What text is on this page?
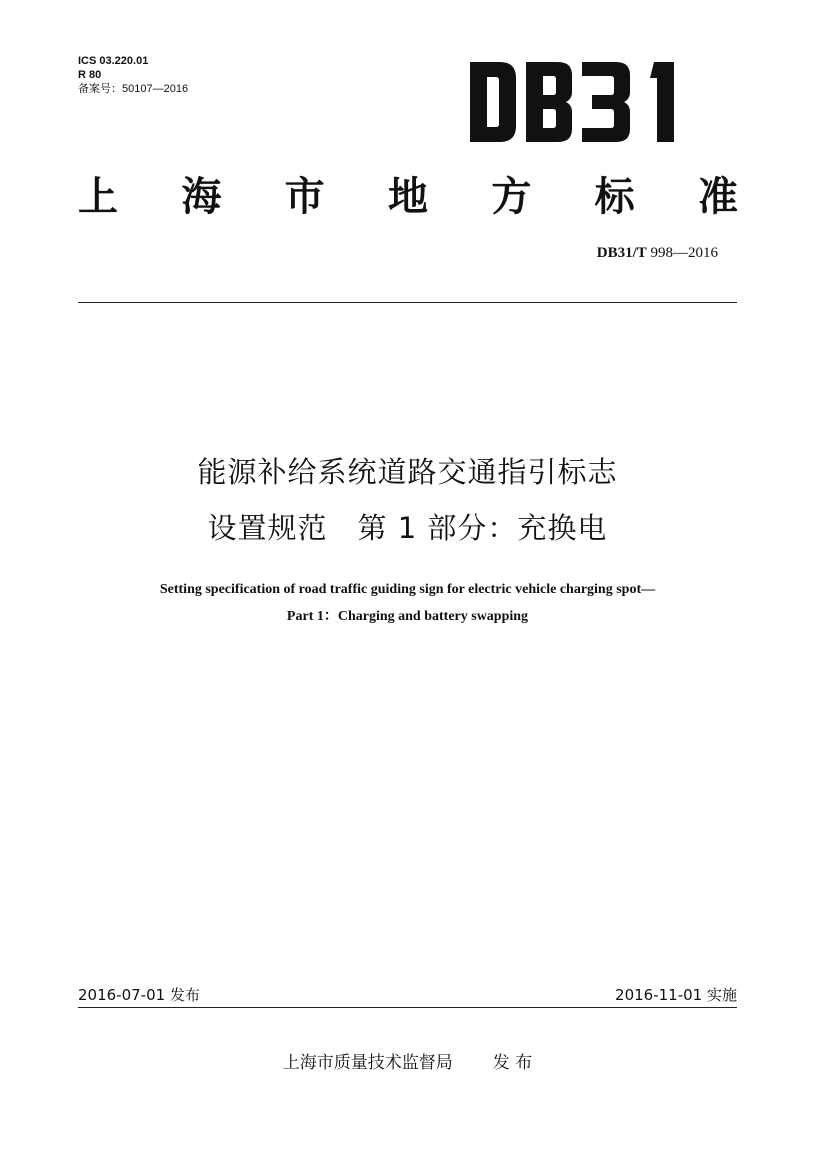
ICS 03.220.01
R 80
备案号：50107—2016
上 海 市 地 方 标 准
DB31/T 998—2016
能源补给系统道路交通指引标志
设置规范　第 1 部分：充换电
Setting specification of road traffic guiding sign for electric vehicle charging spot—
Part 1：Charging and battery swapping
2016-07-01 发布	2016-11-01 实施
上海市质量技术监督局 发 布
